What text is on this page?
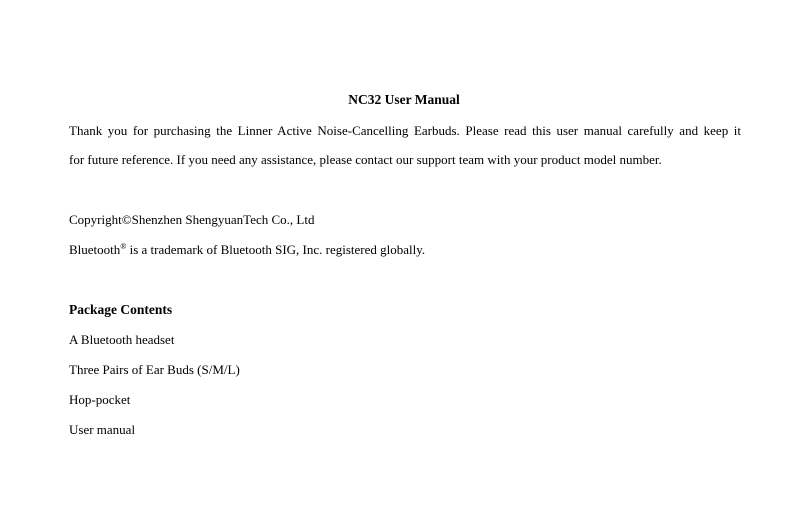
NC32 User Manual
Thank you for purchasing the Linner Active Noise-Cancelling Earbuds. Please read this user manual carefully and keep it
for future reference. If you need any assistance, please contact our support team with your product model number.
Copyright©Shenzhen ShengyuanTech Co., Ltd
Bluetooth® is a trademark of Bluetooth SIG, Inc. registered globally.
Package Contents
A Bluetooth headset
Three Pairs of Ear Buds (S/M/L)
Hop-pocket
User manual
